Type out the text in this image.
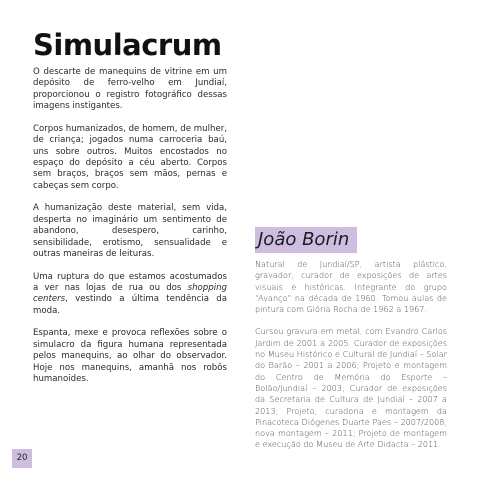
Simulacrum

O descarte de manequins de vitrine em um depósito de ferro-velho em Jundiaí, proporcionou o registro fotográfico dessas imagens instigantes.

Corpos humanizados, de homem, de mulher, de criança; jogados numa carroceria baú, uns sobre outros. Muitos encostados no espaço do depósito a céu aberto. Corpos sem braços, braços sem mãos, pernas e cabeças sem corpo.

A humanização deste material, sem vida, desperta no imaginário um sentimento de abandono, desespero, carinho, sensibilidade, erotismo, sensualidade e outras maneiras de leituras.

Uma ruptura do que estamos acostumados a ver nas lojas de rua ou dos shopping centers, vestindo a última tendência da moda.

Espanta, mexe e provoca reflexões sobre o simulacro da figura humana representada pelos manequins, ao olhar do observador. Hoje nos manequins, amanhã nos robôs humanoides.

João Borin

Natural de Jundiaí/SP, artista plástico, gravador, curador de exposições de artes visuais e históricas. Integrante do grupo “Avanço” na década de 1960. Tomou aulas de pintura com Glória Rocha de 1962 a 1967.

Cursou gravura em metal, com Evandro Carlos Jardim de 2001 a 2005. Curador de exposições no Museu Histórico e Cultural de Jundiaí – Solar do Barão – 2001 a 2006; Projeto e montagem do Centro de Memória do Esporte – Bolão/Jundiaí – 2003; Curador de exposições da Secretaria de Cultura de Jundiaí – 2007 a 2013; Projeto, curadoria e montagem da Pinacoteca Diógenes Duarte Paes – 2007/2008, nova montagem – 2011; Projeto de montagem e execução do Museu de Arte Didacta – 2011.

20
